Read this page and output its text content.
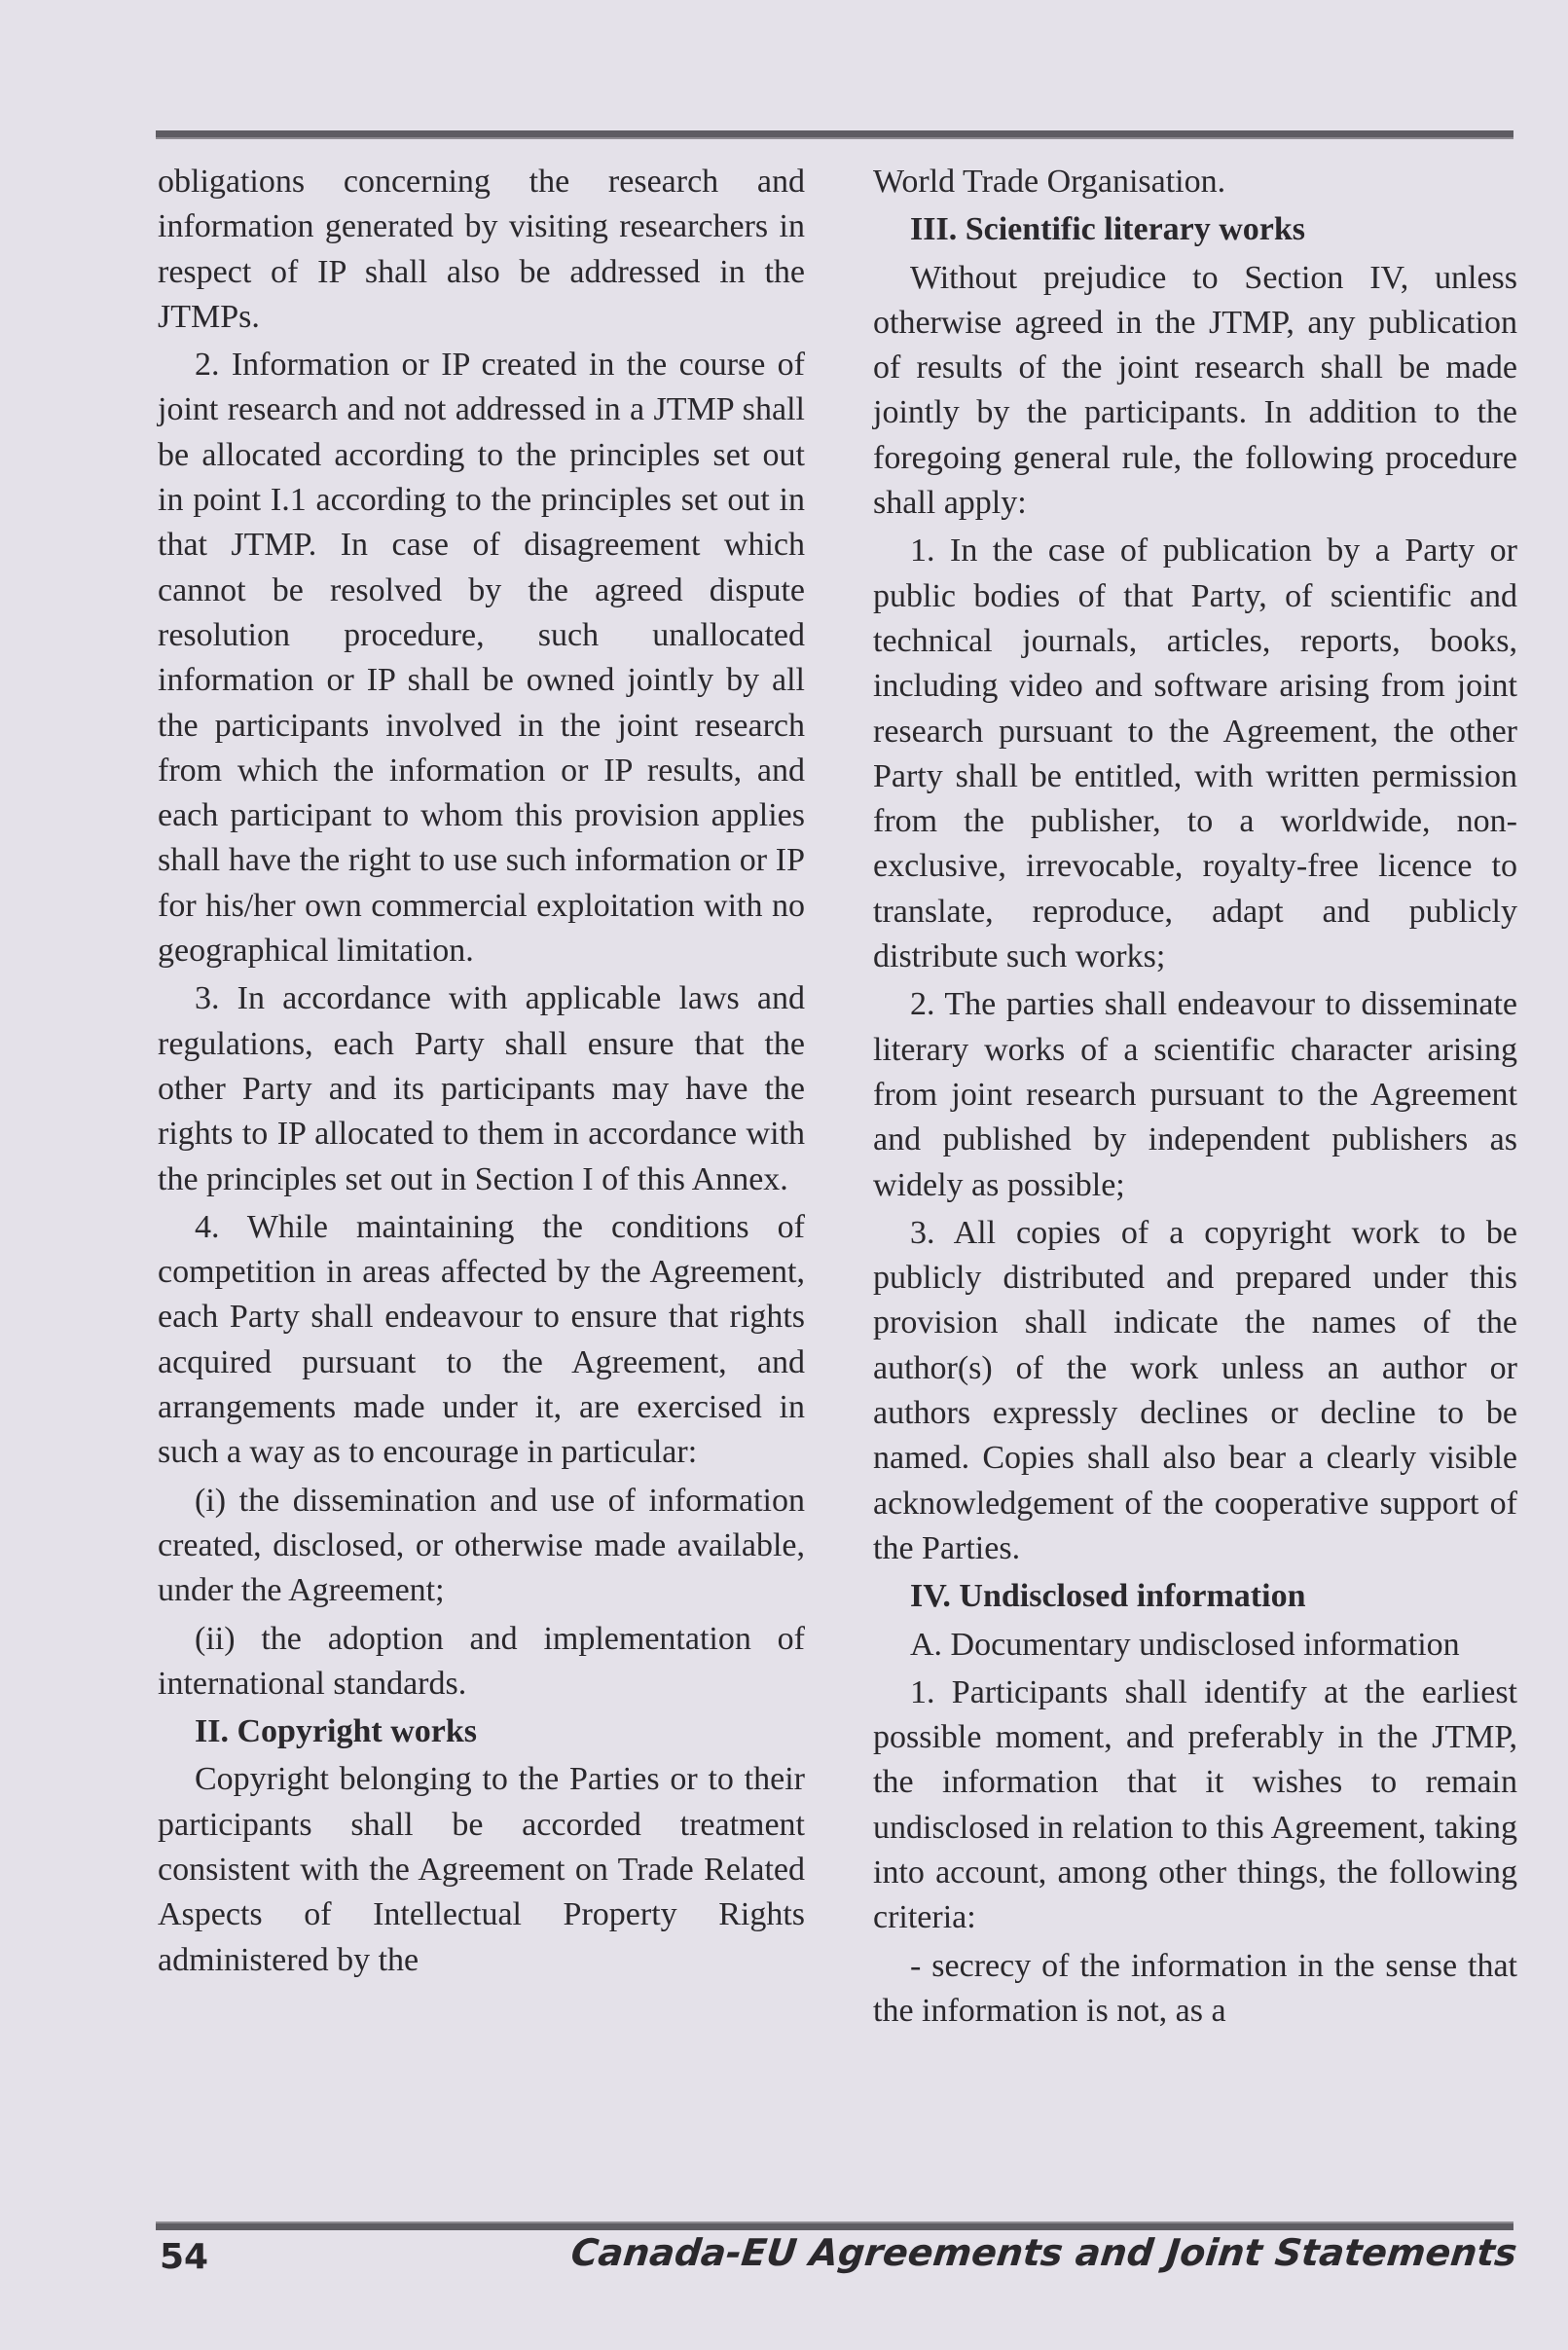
obligations concerning the research and information generated by visiting researchers in respect of IP shall also be addressed in the JTMPs.

2. Information or IP created in the course of joint research and not addressed in a JTMP shall be allocated according to the principles set out in point I.1 according to the principles set out in that JTMP. In case of disagreement which cannot be resolved by the agreed dispute resolution procedure, such unallocated information or IP shall be owned jointly by all the participants involved in the joint research from which the information or IP results, and each participant to whom this provision applies shall have the right to use such information or IP for his/her own commercial exploitation with no geographical limitation.

3. In accordance with applicable laws and regulations, each Party shall ensure that the other Party and its participants may have the rights to IP allocated to them in accordance with the principles set out in Section I of this Annex.

4. While maintaining the conditions of competition in areas affected by the Agreement, each Party shall endeavour to ensure that rights acquired pursuant to the Agreement, and arrangements made under it, are exercised in such a way as to encourage in particular:

(i) the dissemination and use of information created, disclosed, or otherwise made available, under the Agreement;

(ii) the adoption and implementation of international standards.

II. Copyright works

Copyright belonging to the Parties or to their participants shall be accorded treatment consistent with the Agreement on Trade Related Aspects of Intellectual Property Rights administered by the

World Trade Organisation.

III. Scientific literary works

Without prejudice to Section IV, unless otherwise agreed in the JTMP, any publication of results of the joint research shall be made jointly by the participants. In addition to the foregoing general rule, the following procedure shall apply:

1. In the case of publication by a Party or public bodies of that Party, of scientific and technical journals, articles, reports, books, including video and software arising from joint research pursuant to the Agreement, the other Party shall be entitled, with written permission from the publisher, to a worldwide, non-exclusive, irrevocable, royalty-free licence to translate, reproduce, adapt and publicly distribute such works;

2. The parties shall endeavour to disseminate literary works of a scientific character arising from joint research pursuant to the Agreement and published by independent publishers as widely as possible;

3. All copies of a copyright work to be publicly distributed and prepared under this provision shall indicate the names of the author(s) of the work unless an author or authors expressly declines or decline to be named. Copies shall also bear a clearly visible acknowledgement of the cooperative support of the Parties.

IV. Undisclosed information

A. Documentary undisclosed information

1. Participants shall identify at the earliest possible moment, and preferably in the JTMP, the information that it wishes to remain undisclosed in relation to this Agreement, taking into account, among other things, the following criteria:

- secrecy of the information in the sense that the information is not, as a

54	Canada-EU Agreements and Joint Statements
